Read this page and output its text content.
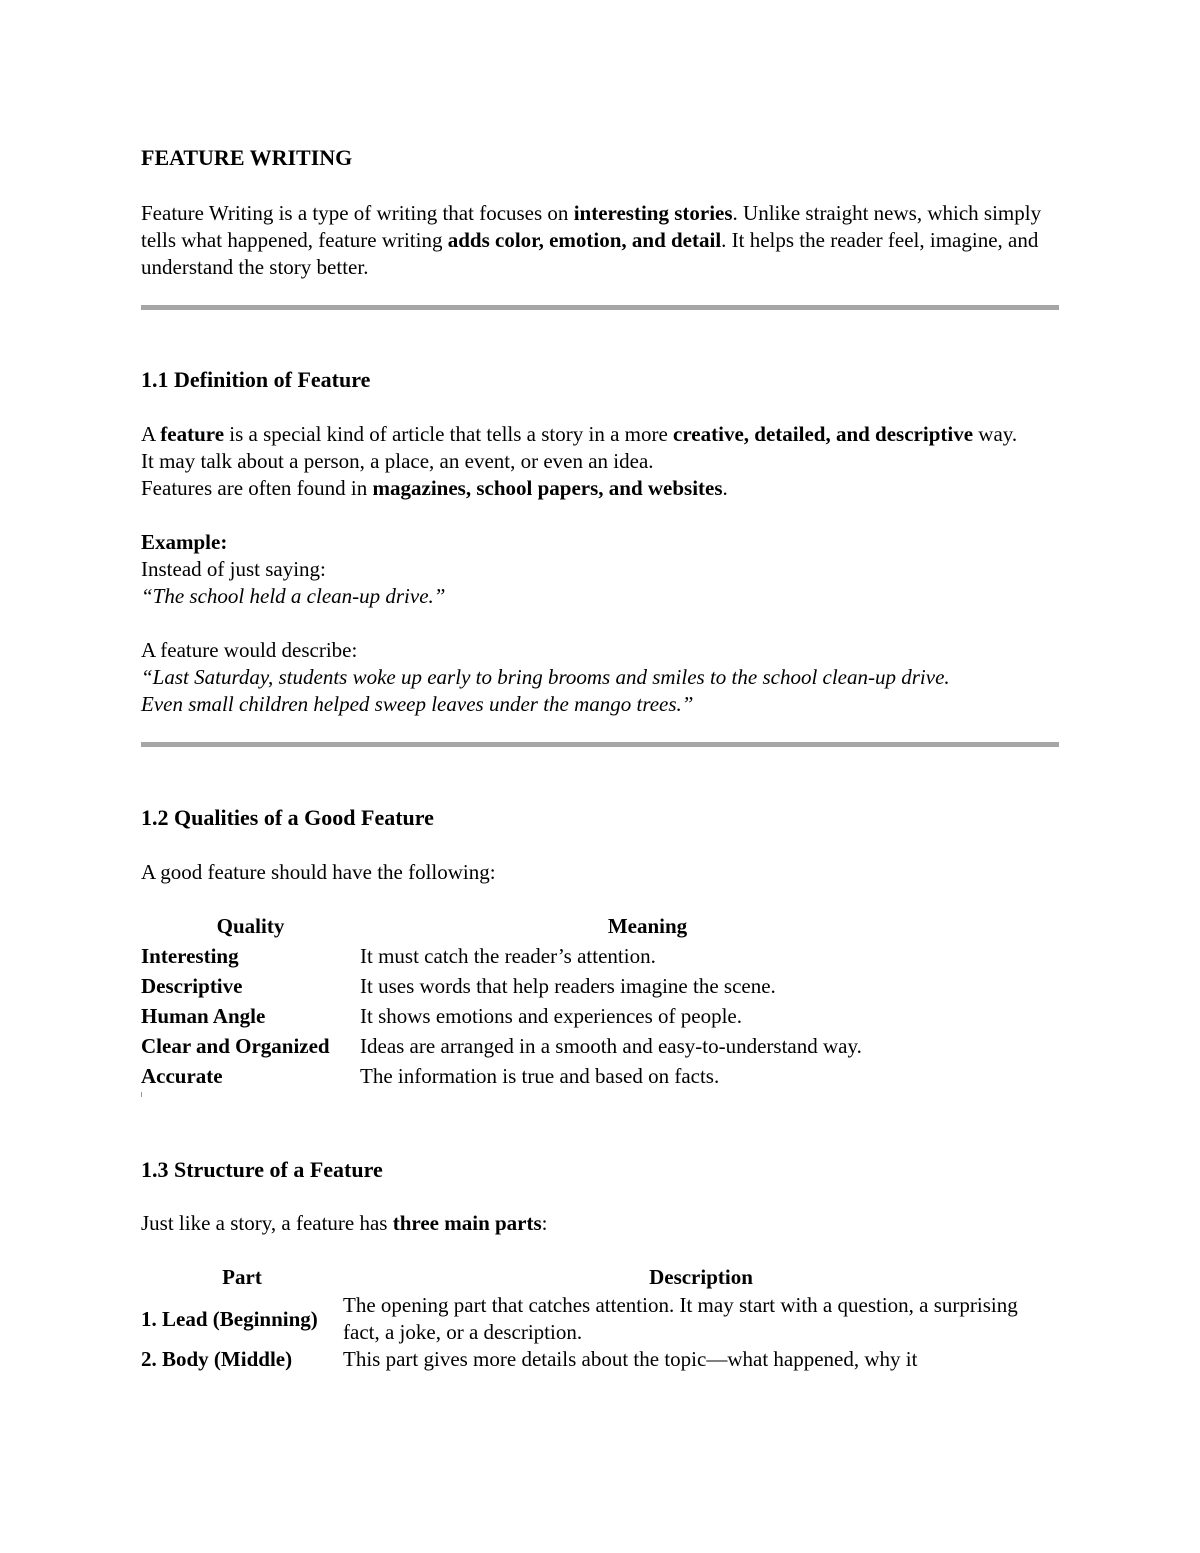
FEATURE WRITING

Feature Writing is a type of writing that focuses on interesting stories. Unlike straight news, which simply tells what happened, feature writing adds color, emotion, and detail. It helps the reader feel, imagine, and understand the story better.

1.1 Definition of Feature

A feature is a special kind of article that tells a story in a more creative, detailed, and descriptive way.

It may talk about a person, a place, an event, or even an idea.

Features are often found in magazines, school papers, and websites.

Example:

Instead of just saying:

“The school held a clean-up drive.”

A feature would describe:

“Last Saturday, students woke up early to bring brooms and smiles to the school clean-up drive.

Even small children helped sweep leaves under the mango trees.”

1.2 Qualities of a Good Feature

A good feature should have the following:

Quality	Meaning
Interesting	It must catch the reader’s attention.
Descriptive	It uses words that help readers imagine the scene.
Human Angle	It shows emotions and experiences of people.
Clear and Organized	Ideas are arranged in a smooth and easy-to-understand way.
Accurate	The information is true and based on facts.
1.3 Structure of a Feature

Just like a story, a feature has three main parts:

Part	Description
1. Lead (Beginning)	The opening part that catches attention. It may start with a question, a surprising fact, a joke, or a description.
2. Body (Middle)	This part gives more details about the topic—what happened, why it
